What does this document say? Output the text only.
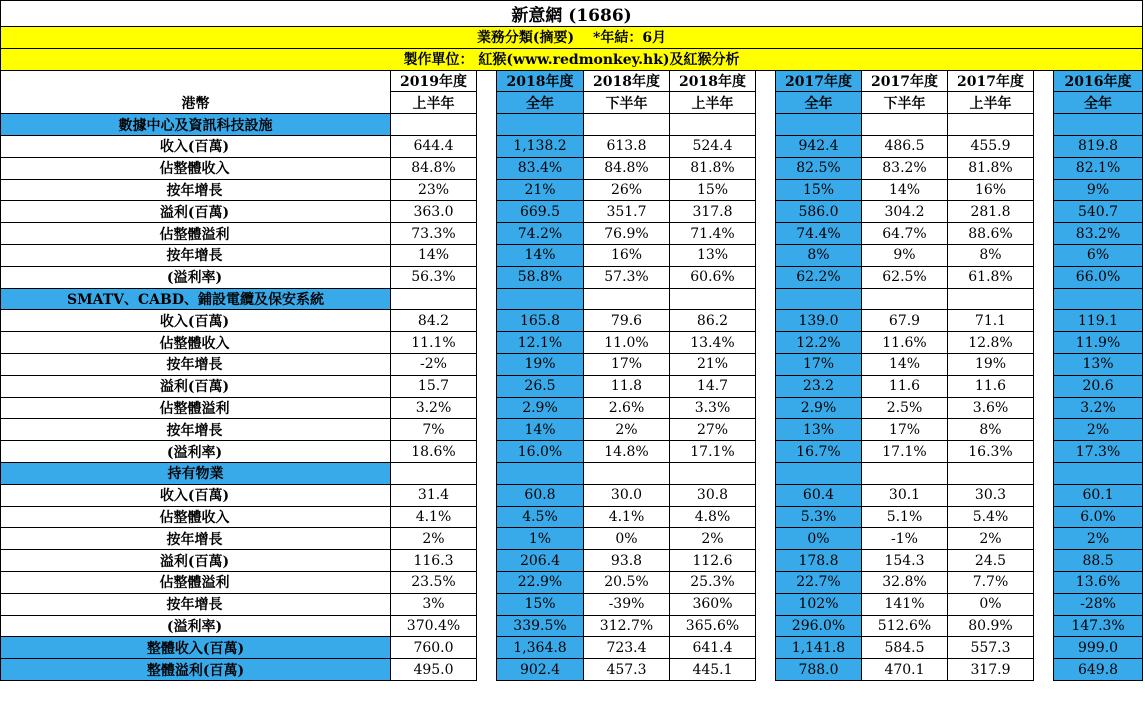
新意網 (1686)											
業務分類(摘要)　 *年結：6月											
製作單位： 紅猴(www.redmonkey.hk)及紅猴分析											
	2019年度		2018年度	2018年度	2018年度		2017年度	2017年度	2017年度		2016年度
港幣	上半年		全年	下半年	上半年		全年	下半年	上半年		全年
數據中心及資訊科技設施											
收入(百萬)	644.4		1,138.2	613.8	524.4		942.4	486.5	455.9		819.8
佔整體收入	84.8%		83.4%	84.8%	81.8%		82.5%	83.2%	81.8%		82.1%
按年增長	23%		21%	26%	15%		15%	14%	16%		9%
溢利(百萬)	363.0		669.5	351.7	317.8		586.0	304.2	281.8		540.7
佔整體溢利	73.3%		74.2%	76.9%	71.4%		74.4%	64.7%	88.6%		83.2%
按年增長	14%		14%	16%	13%		8%	9%	8%		6%
(溢利率)	56.3%		58.8%	57.3%	60.6%		62.2%	62.5%	61.8%		66.0%
SMATV、CABD、鋪設電纜及保安系統											
收入(百萬)	84.2		165.8	79.6	86.2		139.0	67.9	71.1		119.1
佔整體收入	11.1%		12.1%	11.0%	13.4%		12.2%	11.6%	12.8%		11.9%
按年增長	-2%		19%	17%	21%		17%	14%	19%		13%
溢利(百萬)	15.7		26.5	11.8	14.7		23.2	11.6	11.6		20.6
佔整體溢利	3.2%		2.9%	2.6%	3.3%		2.9%	2.5%	3.6%		3.2%
按年增長	7%		14%	2%	27%		13%	17%	8%		2%
(溢利率)	18.6%		16.0%	14.8%	17.1%		16.7%	17.1%	16.3%		17.3%
持有物業											
收入(百萬)	31.4		60.8	30.0	30.8		60.4	30.1	30.3		60.1
佔整體收入	4.1%		4.5%	4.1%	4.8%		5.3%	5.1%	5.4%		6.0%
按年增長	2%		1%	0%	2%		0%	-1%	2%		2%
溢利(百萬)	116.3		206.4	93.8	112.6		178.8	154.3	24.5		88.5
佔整體溢利	23.5%		22.9%	20.5%	25.3%		22.7%	32.8%	7.7%		13.6%
按年增長	3%		15%	-39%	360%		102%	141%	0%		-28%
(溢利率)	370.4%		339.5%	312.7%	365.6%		296.0%	512.6%	80.9%		147.3%
整體收入(百萬)	760.0		1,364.8	723.4	641.4		1,141.8	584.5	557.3		999.0
整體溢利(百萬)	495.0		902.4	457.3	445.1		788.0	470.1	317.9		649.8
